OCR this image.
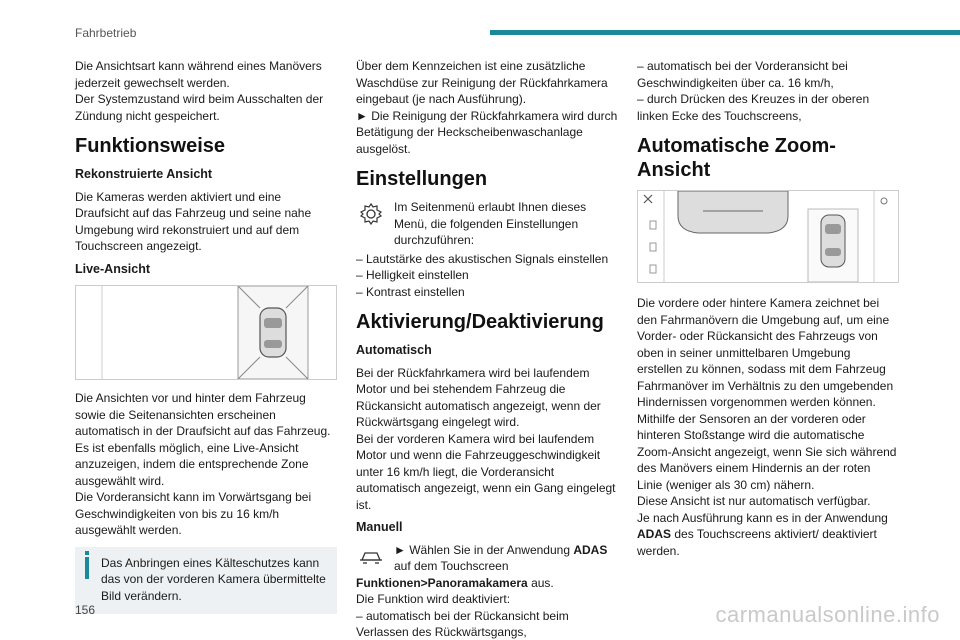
Fahrbetrieb
Die Ansichtsart kann während eines Manövers jederzeit gewechselt werden.
Der Systemzustand wird beim Ausschalten der Zündung nicht gespeichert.
Funktionsweise
Rekonstruierte Ansicht
Die Kameras werden aktiviert und eine Draufsicht auf das Fahrzeug und seine nahe Umgebung wird rekonstruiert und auf dem Touchscreen angezeigt.
Live-Ansicht
Die Ansichten vor und hinter dem Fahrzeug sowie die Seitenansichten erscheinen automatisch in der Draufsicht auf das Fahrzeug.
Es ist ebenfalls möglich, eine Live-Ansicht anzuzeigen, indem die entsprechende Zone ausgewählt wird.
Die Vorderansicht kann im Vorwärtsgang bei Geschwindigkeiten von bis zu 16 km/h ausgewählt werden.
Das Anbringen eines Kälteschutzes kann das von der vorderen Kamera übermittelte Bild verändern.
Über dem Kennzeichen ist eine zusätzliche Waschdüse zur Reinigung der Rückfahrkamera eingebaut (je nach Ausführung).
► Die Reinigung der Rückfahrkamera wird durch Betätigung der Heckscheibenwaschanlage ausgelöst.
Einstellungen
Im Seitenmenü erlaubt Ihnen dieses Menü, die folgenden Einstellungen durchzuführen:
– Lautstärke des akustischen Signals einstellen
– Helligkeit einstellen
– Kontrast einstellen
Aktivierung/Deaktivierung
Automatisch
Bei der Rückfahrkamera wird bei laufendem Motor und bei stehendem Fahrzeug die Rückansicht automatisch angezeigt, wenn der Rückwärtsgang eingelegt wird.
Bei der vorderen Kamera wird bei laufendem Motor und wenn die Fahrzeuggeschwindigkeit unter 16 km/h liegt, die Vorderansicht automatisch angezeigt, wenn ein Gang eingelegt ist.
Manuell
► Wählen Sie in der Anwendung ADAS auf dem Touchscreen
Funktionen>Panoramakamera aus.
Die Funktion wird deaktiviert:
– automatisch bei der Rückansicht beim Verlassen des Rückwärtsgangs,
– automatisch bei der Vorderansicht bei Geschwindigkeiten über ca. 16 km/h,
– durch Drücken des Kreuzes in der oberen linken Ecke des Touchscreens,
Automatische Zoom-Ansicht
Die vordere oder hintere Kamera zeichnet bei den Fahrmanövern die Umgebung auf, um eine Vorder- oder Rückansicht des Fahrzeugs von oben in seiner unmittelbaren Umgebung erstellen zu können, sodass mit dem Fahrzeug Fahrmanöver im Verhältnis zu den umgebenden Hindernissen vorgenommen werden können.
Mithilfe der Sensoren an der vorderen oder hinteren Stoßstange wird die automatische Zoom-Ansicht angezeigt, wenn Sie sich während des Manövers einem Hindernis an der roten Linie (weniger als 30 cm) nähern.
Diese Ansicht ist nur automatisch verfügbar.
Je nach Ausführung kann es in der Anwendung ADAS des Touchscreens aktiviert/ deaktiviert werden.
156	carmanualsonline.info
